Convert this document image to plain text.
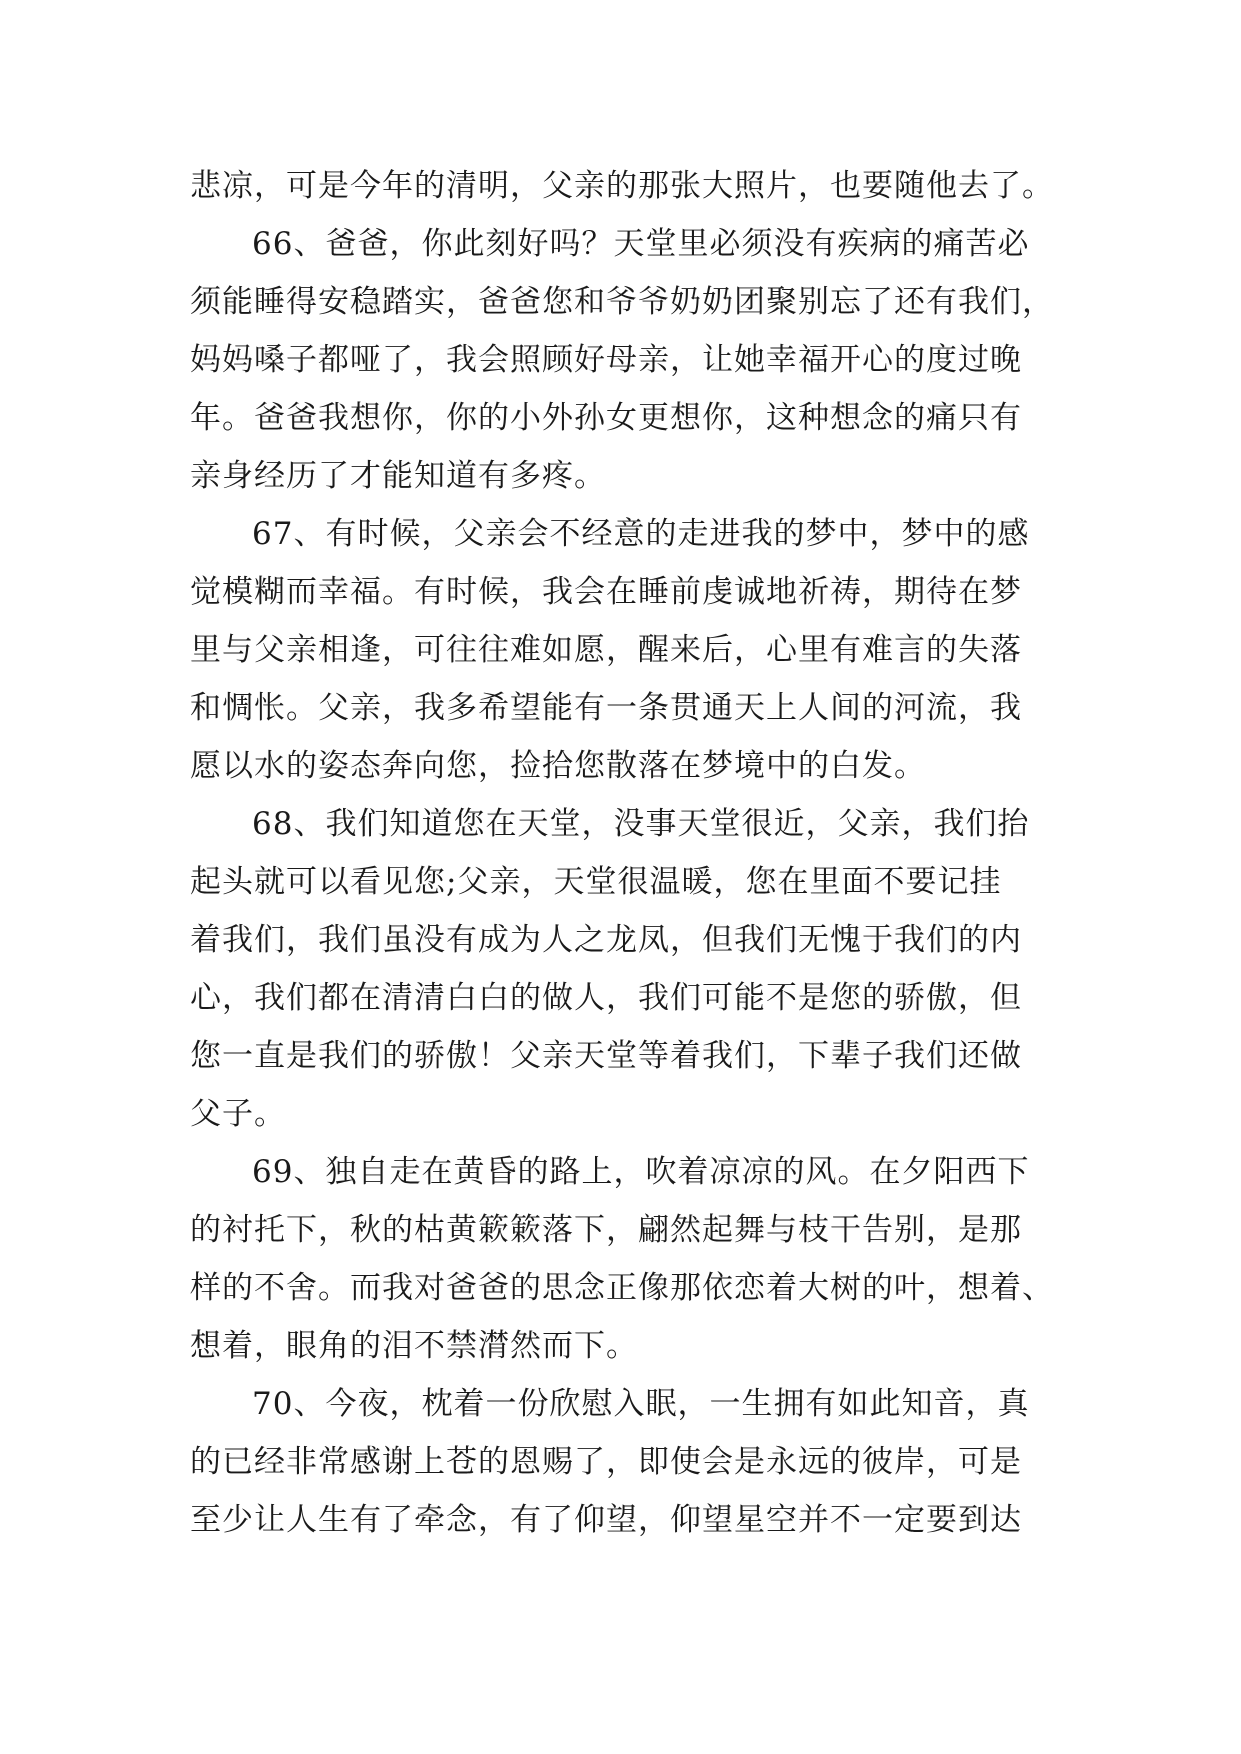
悲凉，可是今年的清明，父亲的那张大照片，也要随他去了。
66、爸爸，你此刻好吗？天堂里必须没有疾病的痛苦必
须能睡得安稳踏实，爸爸您和爷爷奶奶团聚别忘了还有我们，
妈妈嗓子都哑了，我会照顾好母亲，让她幸福开心的度过晚
年。爸爸我想你，你的小外孙女更想你，这种想念的痛只有
亲身经历了才能知道有多疼。
67、有时候，父亲会不经意的走进我的梦中，梦中的感
觉模糊而幸福。有时候，我会在睡前虔诚地祈祷，期待在梦
里与父亲相逢，可往往难如愿，醒来后，心里有难言的失落
和惆怅。父亲，我多希望能有一条贯通天上人间的河流，我
愿以水的姿态奔向您，捡拾您散落在梦境中的白发。
68、我们知道您在天堂，没事天堂很近，父亲，我们抬
起头就可以看见您;父亲，天堂很温暖，您在里面不要记挂
着我们，我们虽没有成为人之龙凤，但我们无愧于我们的内
心，我们都在清清白白的做人，我们可能不是您的骄傲，但
您一直是我们的骄傲！父亲天堂等着我们，下辈子我们还做
父子。
69、独自走在黄昏的路上，吹着凉凉的风。在夕阳西下
的衬托下，秋的枯黄簌簌落下，翩然起舞与枝干告别，是那
样的不舍。而我对爸爸的思念正像那依恋着大树的叶，想着、
想着，眼角的泪不禁潸然而下。
70、今夜，枕着一份欣慰入眠，一生拥有如此知音，真
的已经非常感谢上苍的恩赐了，即使会是永远的彼岸，可是
至少让人生有了牵念，有了仰望，仰望星空并不一定要到达
